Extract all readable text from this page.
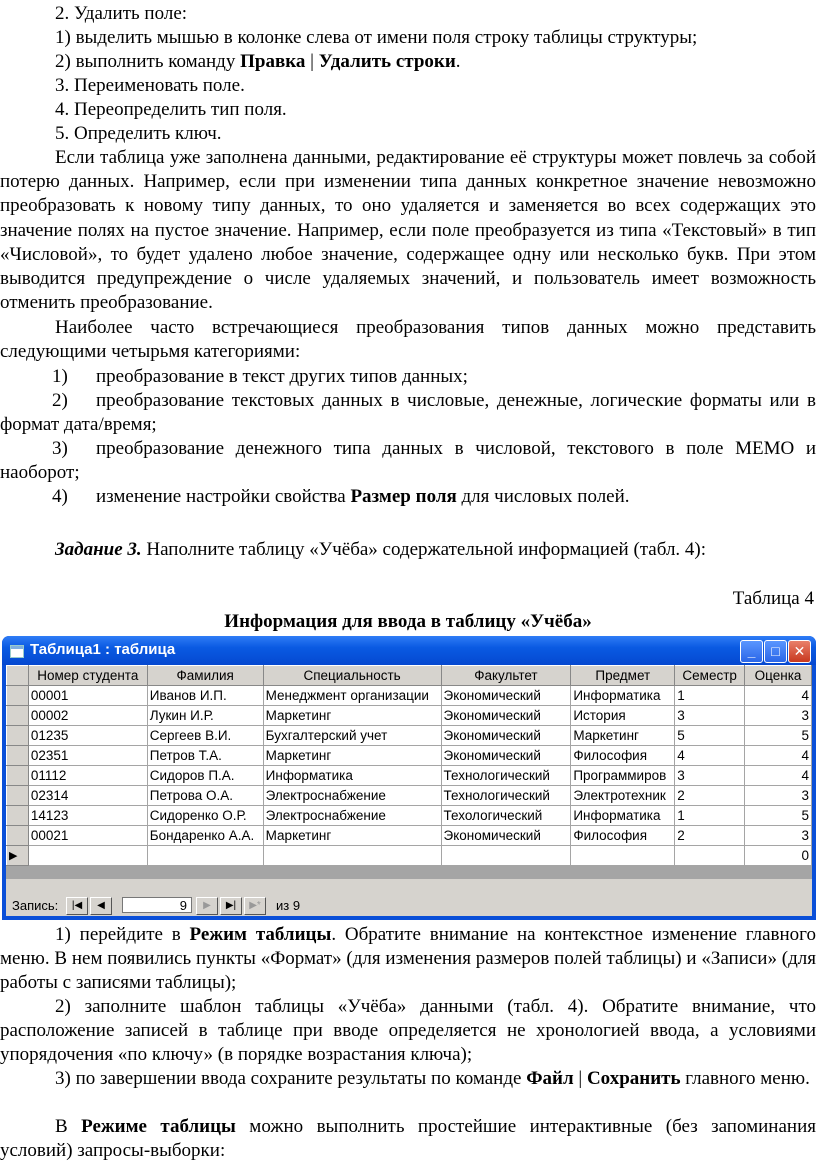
2. Удалить поле:
1) выделить мышью в колонке слева от имени поля строку таблицы структуры;
2) выполнить команду Правка | Удалить строки.
3. Переименовать поле.
4. Переопределить тип поля.
5. Определить ключ.
Если таблица уже заполнена данными, редактирование её структуры может повлечь за собой потерю данных. Например, если при изменении типа данных конкретное значение невозможно преобразовать к новому типу данных, то оно удаляется и заменяется во всех содержащих это значение полях на пустое значение. Например, если поле преобразуется из типа «Текстовый» в тип «Числовой», то будет удалено любое значение, содержащее одну или несколько букв. При этом выводится предупреждение о числе удаляемых значений, и пользователь имеет возможность отменить преобразование.
Наиболее часто встречающиеся преобразования типов данных можно представить следующими четырьмя категориями:
1) преобразование в текст других типов данных;
2) преобразование текстовых данных в числовые, денежные, логические форматы или в формат дата/время;
3) преобразование денежного типа данных в числовой, текстового в поле МЕМО и наоборот;
4) изменение настройки свойства Размер поля для числовых полей.
Задание 3. Наполните таблицу «Учёба» содержательной информацией (табл. 4):
Таблица 4
Информация для ввода в таблицу «Учёба»
Таблица1 : таблица	_	□ ✕
	Номер студента	Фамилия	Специальность	Факультет	Предмет	Семестр	Оценка
	00001	Иванов И.П.	Менеджмент организации	Экономический	Информатика	1	4
	00002	Лукин И.Р.	Маркетинг	Экономический	История	3	3
	01235	Сергеев В.И.	Бухгалтерский учет	Экономический	Маркетинг	5	5
	02351	Петров Т.А.	Маркетинг	Экономический	Философия	4	4
	01112	Сидоров П.А.	Информатика	Технологический	Программиров	3	4
	02314	Петрова О.А.	Электроснабжение	Технологический	Электротехник	2	3
	14123	Сидоренко О.Р.	Электроснабжение	Техологический	Информатика	1	5
	00021	Бондаренко А.А.	Маркетинг	Экономический	Философия	2	3
▶							0
Запись:	|◀	◀	9	▶	▶|	▶*	из 9
1) перейдите в Режим таблицы. Обратите внимание на контекстное изменение главного меню. В нем появились пункты «Формат» (для изменения размеров полей таблицы) и «Записи» (для работы с записями таблицы);
2) заполните шаблон таблицы «Учёба» данными (табл. 4). Обратите внимание, что расположение записей в таблице при вводе определяется не хронологией ввода, а условиями упорядочения «по ключу» (в порядке возрастания ключа);
3) по завершении ввода сохраните результаты по команде Файл | Сохранить главного меню.
В Режиме таблицы можно выполнить простейшие интерактивные (без запоминания условий) запросы-выборки:
